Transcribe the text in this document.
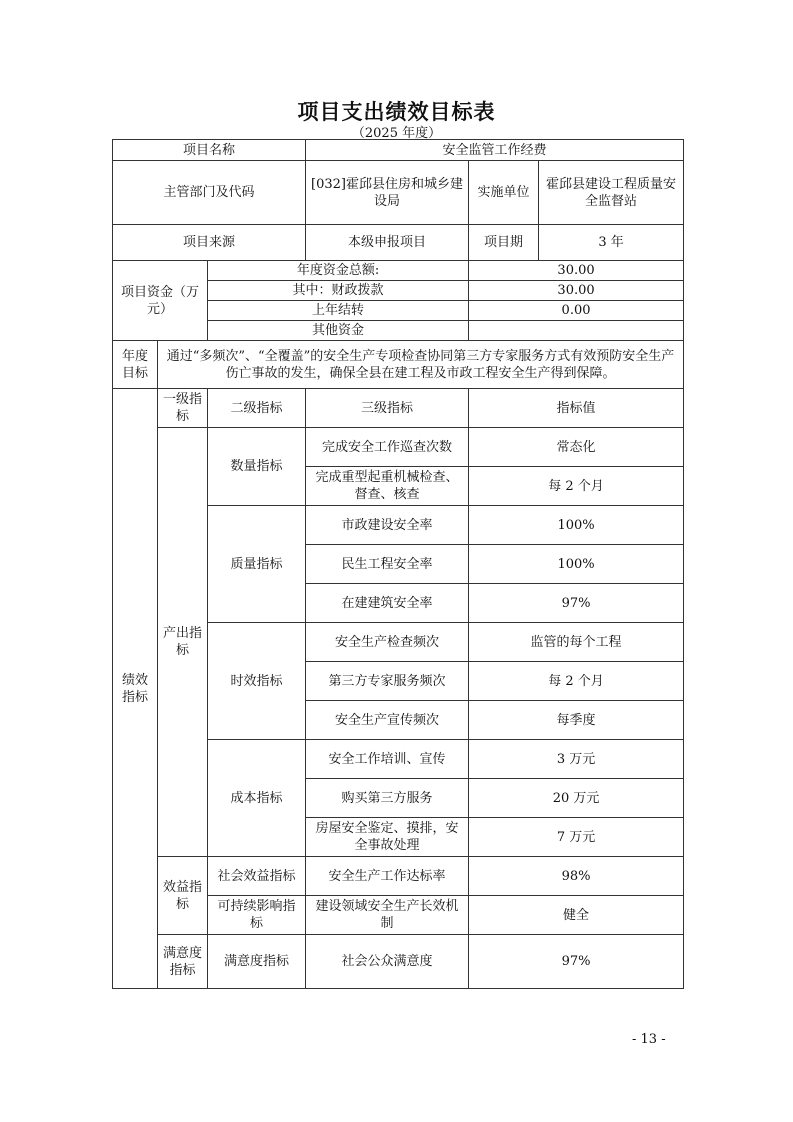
项目支出绩效目标表
（2025 年度）
项目名称			安全监管工作经费		
主管部门及代码			[032]霍邱县住房和城乡建设局	实施单位	霍邱县建设工程质量安全监督站
项目来源			本级申报项目	项目期	3 年
项目资金（万元）		年度资金总额:		30.00	
		其中：财政拨款		30.00	
		上年结转		0.00	
		其他资金			
年度目标	通过“多频次”、“全覆盖”的安全生产专项检查协同第三方专家服务方式有效预防安全生产伤亡事故的发生，确保全县在建工程及市政工程安全生产得到保障。				
绩效指标	一级指标	二级指标	三级指标	指标值	
	产出指标	数量指标	完成安全工作巡查次数	常态化	
			完成重型起重机械检查、督查、核查	每 2 个月	
		质量指标	市政建设安全率	100%	
			民生工程安全率	100%	
			在建建筑安全率	97%	
		时效指标	安全生产检查频次	监管的每个工程	
			第三方专家服务频次	每 2 个月	
			安全生产宣传频次	每季度	
		成本指标	安全工作培训、宣传	3 万元	
			购买第三方服务	20 万元	
			房屋安全鉴定、摸排，安全事故处理	7 万元	
	效益指标	社会效益指标	安全生产工作达标率	98%	
		可持续影响指标	建设领域安全生产长效机制	健全	
	满意度指标	满意度指标	社会公众满意度	97%	
- 13 -
